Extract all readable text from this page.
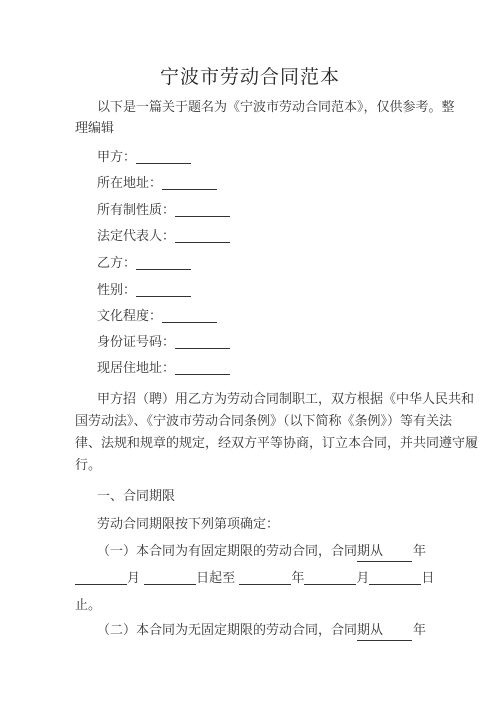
宁波市劳动合同范本
以下是一篇关于题名为《宁波市劳动合同范本》，仅供参考。整
理编辑
甲方：
所在地址：
所有制性质：
法定代表人：
乙方：
性别：
文化程度：
身份证号码：
现居住地址：
甲方招（聘）用乙方为劳动合同制职工，双方根据《中华人民共和
国劳动法》、《宁波市劳动合同条例》（以下简称《条例》）等有关法
律、法规和规章的规定，经双方平等协商，订立本合同，并共同遵守履
行。
一、合同期限
劳动合同期限按下列第项确定：
（一）本合同为有固定期限的劳动合同，合同期从 年
月	日起至	年	月	日
止。
（二）本合同为无固定期限的劳动合同，合同期从 年
